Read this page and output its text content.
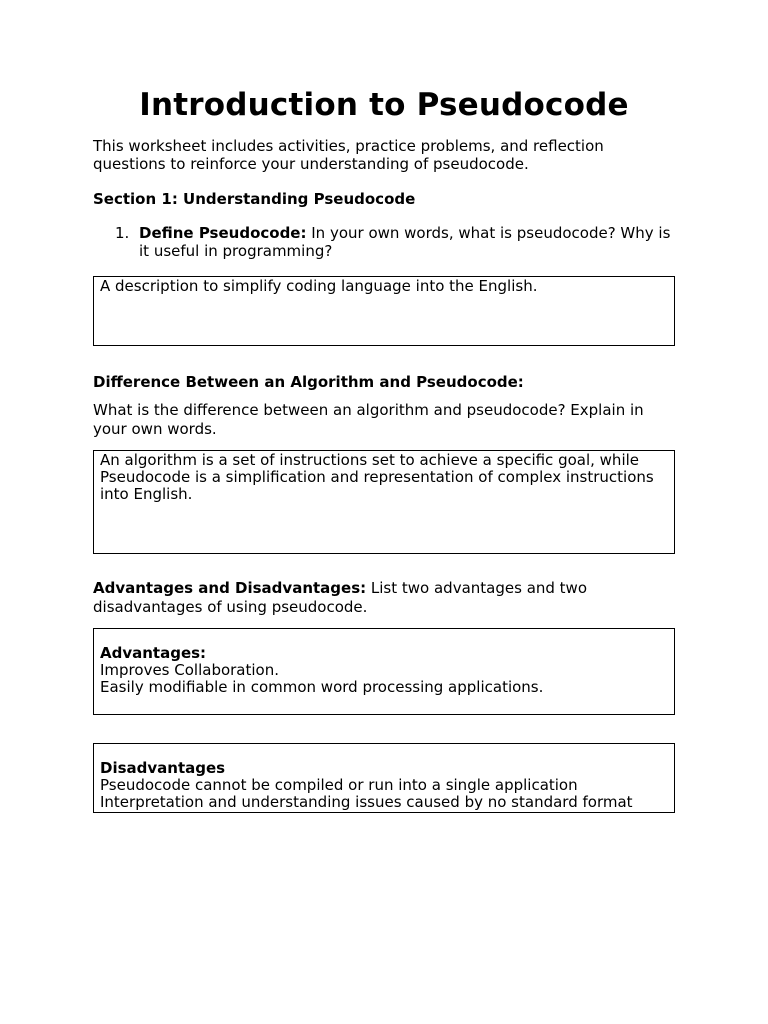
Introduction to Pseudocode

This worksheet includes activities, practice problems, and reflection questions to reinforce your understanding of pseudocode.

Section 1: Understanding Pseudocode

1. Define Pseudocode: In your own words, what is pseudocode? Why is it useful in programming?
A description to simplify coding language into the English.

Difference Between an Algorithm and Pseudocode:

What is the difference between an algorithm and pseudocode? Explain in your own words.

An algorithm is a set of instructions set to achieve a specific goal, while Pseudocode is a simplification and representation of complex instructions into English.

Advantages and Disadvantages: List two advantages and two disadvantages of using pseudocode.

Advantages:
Improves Collaboration.
Easily modifiable in common word processing applications.
Disadvantages
Pseudocode cannot be compiled or run into a single application
Interpretation and understanding issues caused by no standard format
